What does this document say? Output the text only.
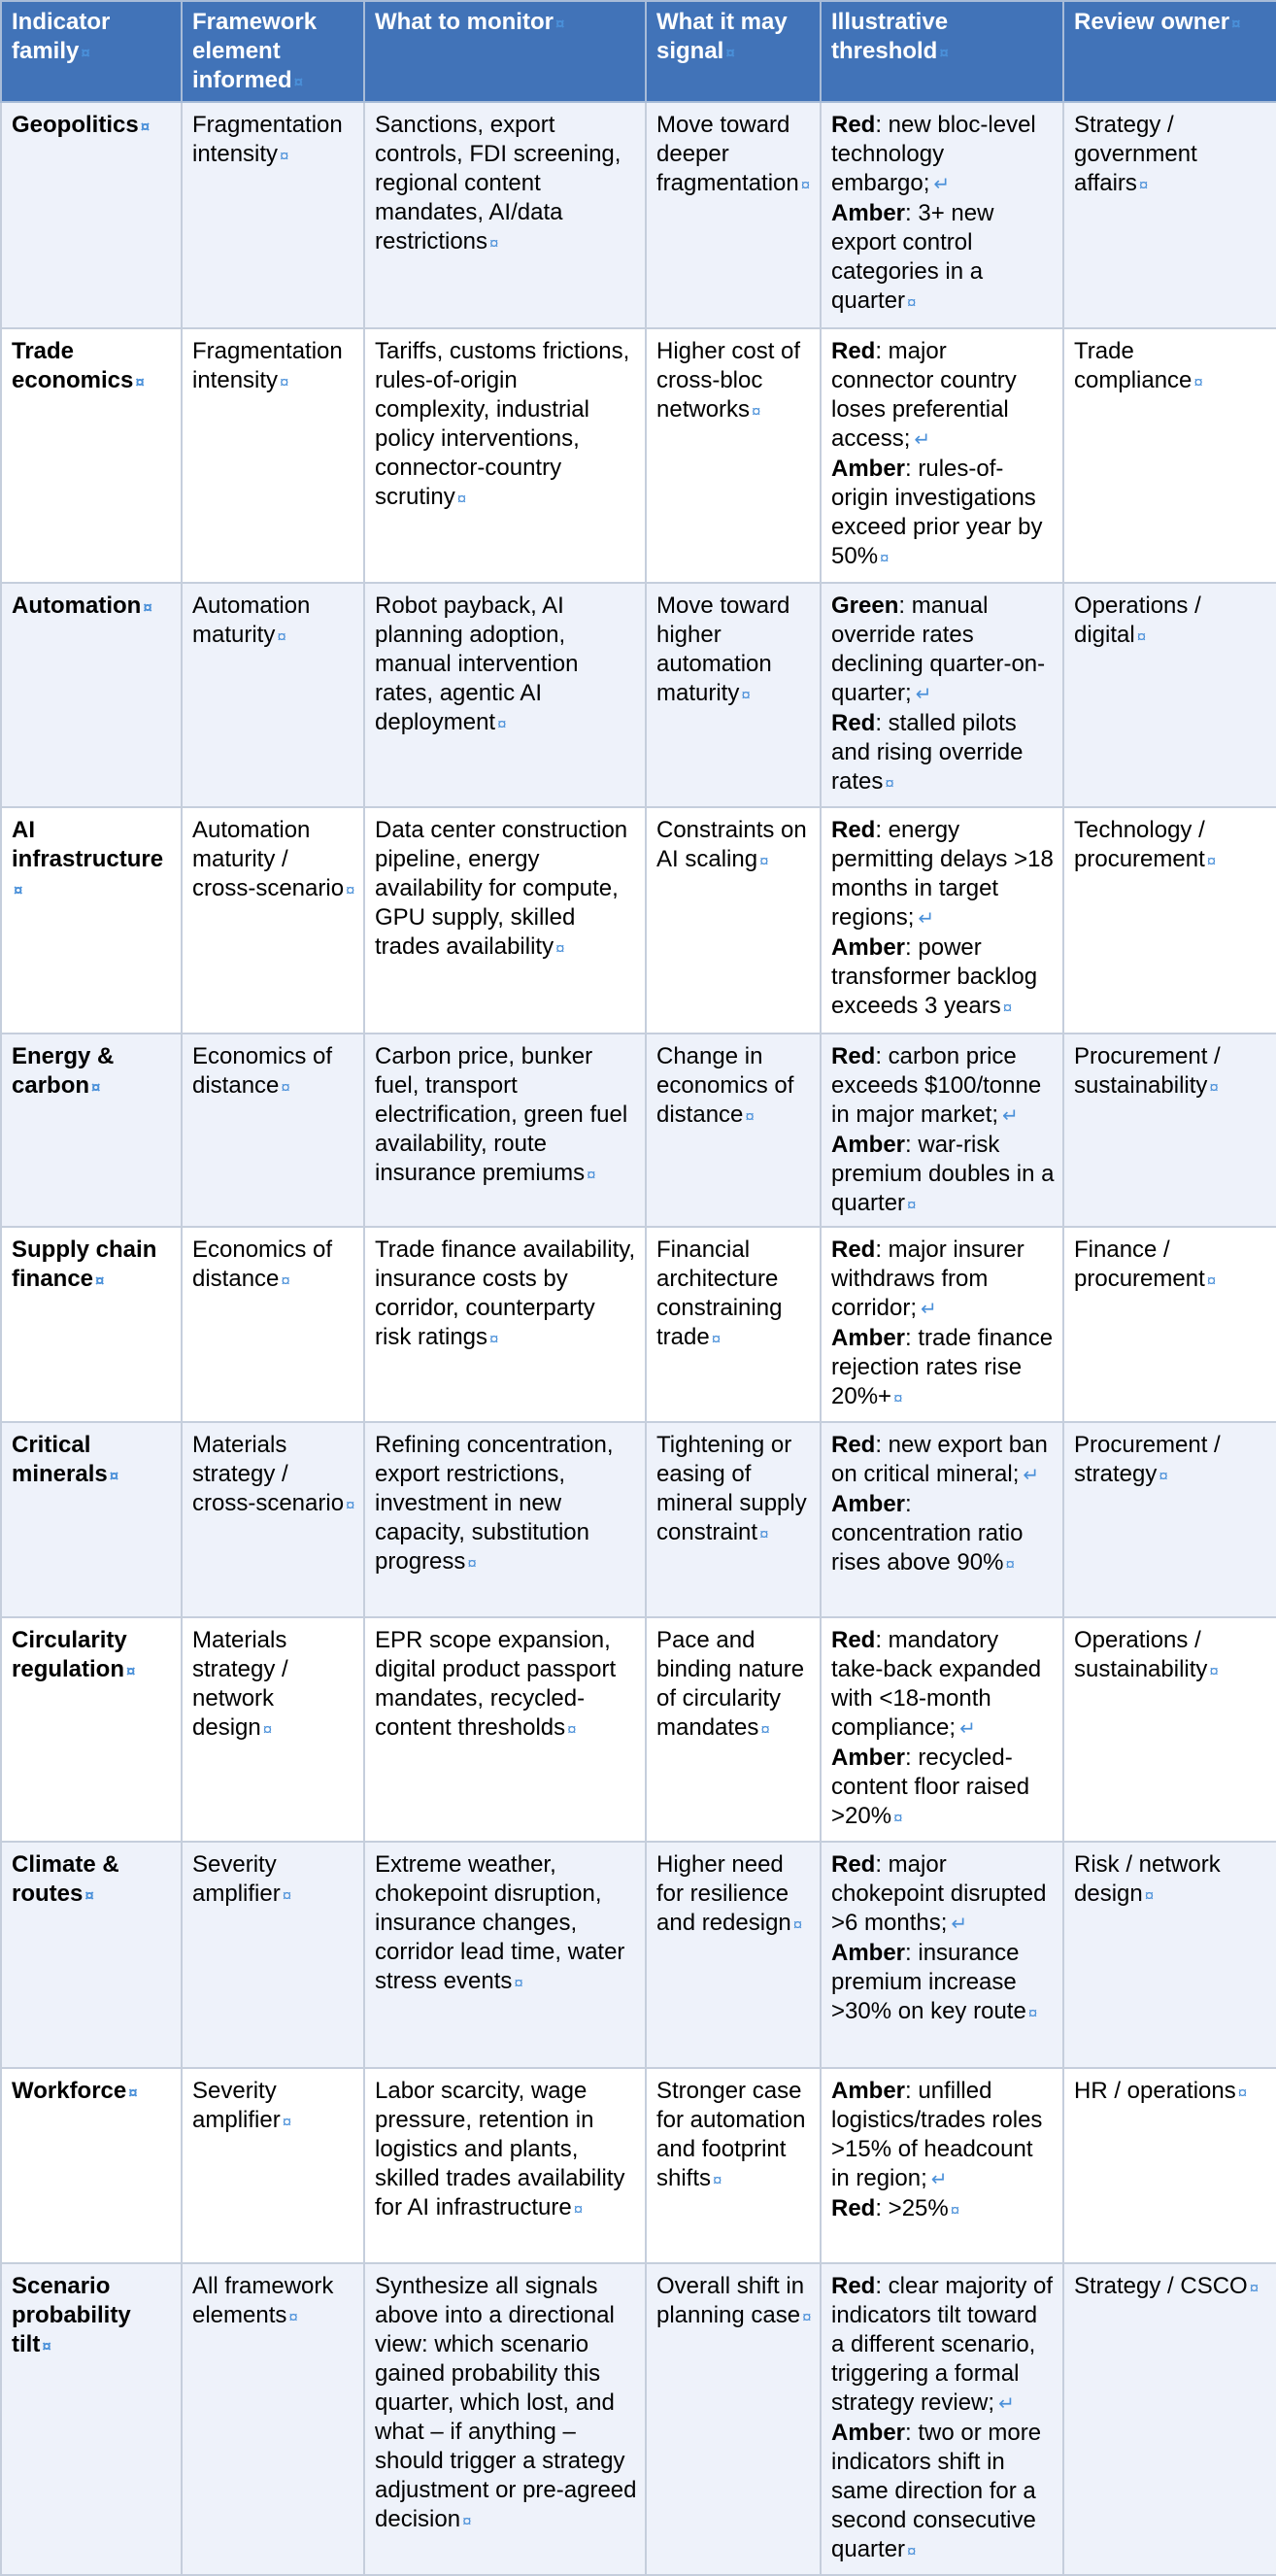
Indicator family ¤	Framework element informed ¤	What to monitor ¤	What it may signal ¤	Illustrative threshold ¤	Review owner ¤
Geopolitics ¤	Fragmentation intensity ¤	Sanctions, export controls, FDI screening, regional content mandates, AI/data restrictions ¤	Move toward deeper fragmentation ¤	Red: new bloc-level technology embargo; ↵
Amber: 3+ new export control categories in a quarter ¤	Strategy / government affairs ¤
Trade economics ¤	Fragmentation intensity ¤	Tariffs, customs frictions, rules-of-origin complexity, industrial policy interventions, connector-country scrutiny ¤	Higher cost of cross-bloc networks ¤	Red: major connector country loses preferential access; ↵
Amber: rules-of-origin investigations exceed prior year by 50% ¤	Trade compliance ¤
Automation ¤	Automation maturity ¤	Robot payback, AI planning adoption, manual intervention rates, agentic AI deployment ¤	Move toward higher automation maturity ¤	Green: manual override rates declining quarter-on-quarter; ↵
Red: stalled pilots and rising override rates ¤	Operations / digital ¤
AI infrastructure¤	Automation maturity / cross-scenario ¤	Data center construction pipeline, energy availability for compute, GPU supply, skilled trades availability ¤	Constraints on AI scaling ¤	Red: energy permitting delays >18 months in target regions; ↵
Amber: power transformer backlog exceeds 3 years ¤	Technology / procurement ¤
Energy & carbon ¤	Economics of distance ¤	Carbon price, bunker fuel, transport electrification, green fuel availability, route insurance premiums ¤	Change in economics of distance ¤	Red: carbon price exceeds $100/tonne in major market; ↵
Amber: war-risk premium doubles in a quarter ¤	Procurement / sustainability ¤
Supply chain finance ¤	Economics of distance ¤	Trade finance availability, insurance costs by corridor, counterparty risk ratings ¤	Financial architecture constraining trade ¤	Red: major insurer withdraws from corridor; ↵
Amber: trade finance rejection rates rise 20%+ ¤	Finance / procurement ¤
Critical minerals ¤	Materials strategy / cross-scenario ¤	Refining concentration, export restrictions, investment in new capacity, substitution progress ¤	Tightening or easing of mineral supply constraint ¤	Red: new export ban on critical mineral; ↵
Amber: concentration ratio rises above 90% ¤	Procurement / strategy ¤
Circularity regulation ¤	Materials strategy / network design ¤	EPR scope expansion, digital product passport mandates, recycled-content thresholds ¤	Pace and binding nature of circularity mandates ¤	Red: mandatory take-back expanded with <18-month compliance; ↵
Amber: recycled-content floor raised >20% ¤	Operations / sustainability ¤
Climate & routes ¤	Severity amplifier ¤	Extreme weather, chokepoint disruption, insurance changes, corridor lead time, water stress events ¤	Higher need for resilience and redesign ¤	Red: major chokepoint disrupted >6 months; ↵
Amber: insurance premium increase >30% on key route ¤	Risk / network design ¤
Workforce ¤	Severity amplifier ¤	Labor scarcity, wage pressure, retention in logistics and plants, skilled trades availability for AI infrastructure ¤	Stronger case for automation and footprint shifts ¤	Amber: unfilled logistics/trades roles >15% of headcount in region; ↵
Red: >25% ¤	HR / operations ¤
Scenario probability tilt ¤	All framework elements ¤	Synthesize all signals above into a directional view: which scenario gained probability this quarter, which lost, and what – if anything – should trigger a strategy adjustment or pre-agreed decision ¤	Overall shift in planning case ¤	Red: clear majority of indicators tilt toward a different scenario, triggering a formal strategy review; ↵
Amber: two or more indicators shift in same direction for a second consecutive quarter ¤	Strategy / CSCO ¤
